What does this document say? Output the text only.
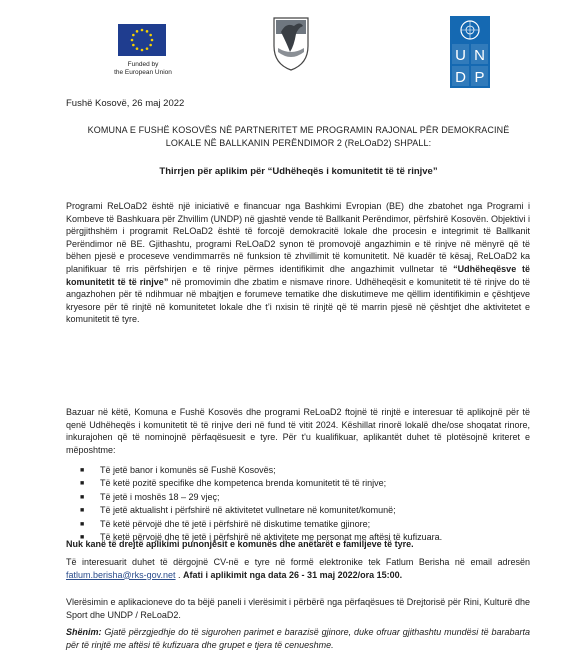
Funded by
the European Union
U N
D P
Fushë Kosovë, 26 maj 2022
KOMUNA E FUSHË KOSOVËS NË PARTNERITET ME PROGRAMIN RAJONAL PËR DEMOKRACINË
LOKALE NË BALLKANIN PERËNDIMOR 2 (ReLOaD2) SHPALL:
Thirrjen për aplikim për “Udhëheqës i komunitetit të të rinjve”

Programi ReLOaD2 është një iniciativë e financuar nga Bashkimi Evropian (BE) dhe zbatohet nga Programi i Kombeve të Bashkuara për Zhvillim (UNDP) në gjashtë vende të Ballkanit Perëndimor, përfshirë Kosovën. Objektivi i përgjithshëm i programit ReLOaD2 është të forcojë demokracitë lokale dhe procesin e integrimit të Ballkanit Perëndimor në BE. Gjithashtu, programi ReLOaD2 synon të promovojë angazhimin e të rinjve në mënyrë që të bëhen pjesë e proceseve vendimmarrës në funksion të zhvillimit të komunitetit. Në kuadër të kësaj, ReLOaD2 ka planifikuar të rris përfshirjen e të rinjve përmes identifikimit dhe angazhimit vullnetar të “Udhëheqësve të komunitetit të të rinjve” në promovimin dhe zbatim e nismave rinore. Udhëheqësit e komunitetit të të rinjve do të angazhohen për të ndihmuar në mbajtjen e forumeve tematike dhe diskutimeve me qëllim identifikimin e çështjeve kryesore për të rinjtë në komunitetet lokale dhe t’i nxisin të rinjtë që të marrin pjesë në çështjet dhe aktivitetet e komunitetit të tyre.

Bazuar në këtë, Komuna e Fushë Kosovës dhe programi ReLoaD2 ftojnë të rinjtë e interesuar të aplikojnë për të qenë Udhëheqës i komunitetit të të rinjve deri në fund të vitit 2024. Këshillat rinorë lokalë dhe/ose shoqatat rinore, inkurajohen që të nominojnë përfaqësuesit e tyre. Për t'u kualifikuar, aplikantët duhet të plotësojnë kriteret e mëposhtme:

■	Të jetë banor i komunës së Fushë Kosovës;
■	Të ketë pozitë specifike dhe kompetenca brenda komunitetit të të rinjve;
■	Të jetë i moshës 18 – 29 vjeç;
■	Të jetë aktualisht i përfshirë në aktivitetet vullnetare në komunitet/komunë;
■	Të ketë përvojë dhe të jetë i përfshirë në diskutime tematike gjinore;
■	Të ketë përvojë dhe të jetë i përfshirë në aktivitete me personat me aftësi të kufizuara.
Nuk kanë të drejtë aplikimi punonjësit e komunës dhe anëtarët e familjeve të tyre.

Të interesuarit duhet të dërgojnë CV-në e tyre në formë elektronike tek Fatlum Berisha në email adresën fatlum.berisha@rks-gov.net . Afati i aplikimit nga data 26 - 31 maj 2022/ora 15:00.

Vlerësimin e aplikacioneve do ta bëjë paneli i vlerësimit i përbërë nga përfaqësues të Drejtorisë për Rini, Kulturë dhe Sport dhe UNDP / ReLoaD2.

Shënim: Gjatë përzgjedhje do të sigurohen parimet e barazisë gjinore, duke ofruar gjithashtu mundësi të barabarta për të rinjtë me aftësi të kufizuara dhe grupet e tjera të cenueshme.
